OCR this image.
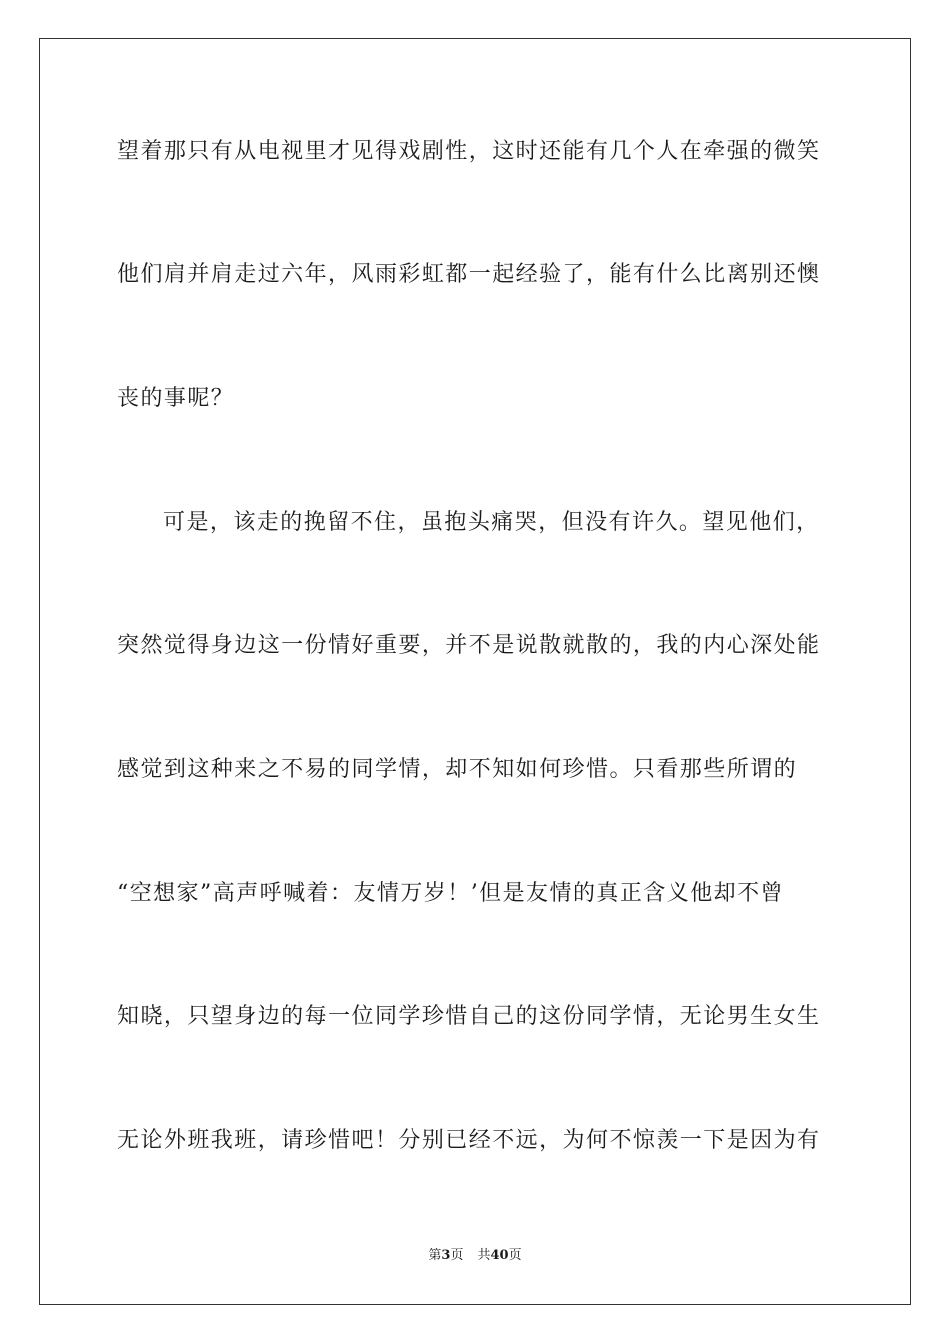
望着那只有从电视里才见得戏剧性，这时还能有几个人在牵强的微笑
他们肩并肩走过六年，风雨彩虹都一起经验了，能有什么比离别还懊
丧的事呢？
可是，该走的挽留不住，虽抱头痛哭，但没有许久。望见他们，
突然觉得身边这一份情好重要，并不是说散就散的，我的内心深处能
感觉到这种来之不易的同学情，却不知如何珍惜。只看那些所谓的
“空想家”高声呼喊着：友情万岁！’但是友情的真正含义他却不曾
知晓，只望身边的每一位同学珍惜自己的这份同学情，无论男生女生
无论外班我班，请珍惜吧！分别已经不远，为何不惊羡一下是因为有
第3页 共40页
